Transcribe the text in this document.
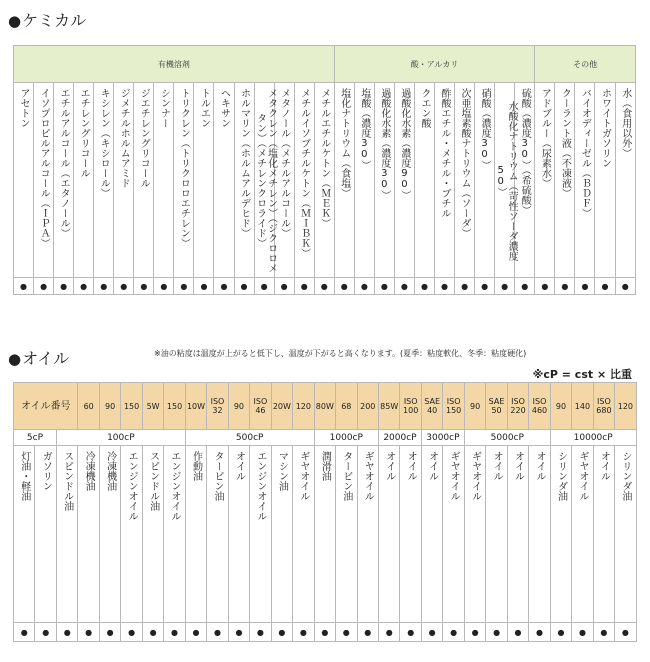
●ケミカル
有機溶剤																酸・アルカリ										その他				
アセトン	イソプロピルアルコール（ＩＰＡ）	エチルアルコール（エタノール）	エチレングリコール	キシレン（キシロール）	ジメチルホルムアミド	ジエチレングリコール	シンナー	トリクレン（トリクロロエチレン）	トルエン	ヘキサン	ホルマリン（ホルムアルデヒド）	メタクレン（塩化メチレン）（ジクロロメタン）（メチレンクロライド）	メタノール（メチルアルコール）	メチルイソブチルケトン（ＭＩＢＫ）	メチルエチルケトン（ＭＥＫ）	塩化ナトリウム（食塩）	塩酸（濃度30）	過酸化水素（濃度30）	過酸化水素（濃度90）	クエン酸	酢酸エチル・メチル・ブチル	次亜塩素酸ナトリウム（ソーダ）	硝酸（濃度30）	水酸化ナトリウム（苛性ソーダ濃度50）	硫酸（濃度30）（希硫酸）	アドブルー（尿素水）	クーラント液（不凍液）	バイオディーゼル（ＢＤＦ）	ホワイトガソリン	水（食用以外）
●	●	●	●	●	●	●	●	●	●	●	●	●	●	●	●	●	●	●	●	●	●	●	●	●	●	●	●	●	●	●
●オイル	※油の粘度は温度が上がると低下し、温度が下がると高くなります。(夏季：粘度軟化、冬季：粘度硬化)
※cP = cst × 比重
オイル番号			60	90	150	5W	150	10W	ISO 32	90	ISO 46	20W	120	80W	68	200	85W	ISO 100	SAE 40	ISO 150	90	SAE 50	ISO 220	ISO 460	90	140	ISO 680	120
5cP		100cP						500cP						1000cP			2000cP		3000cP		5000cP				10000cP			
灯油・軽油	ガソリン	スピンドル油	冷凍機油	冷凍機油	エンジンオイル	スピンドル油	エンジンオイル	作動油	タービン油	オイル	エンジンオイル	マシン油	ギヤオイル	潤滑油	タービン油	ギヤオイル	オイル	オイル	オイル	ギヤオイル	ギヤオイル	オイル	オイル	オイル	シリンダ油	ギヤオイル	オイル	シリンダ油
●	●	●	●	●	●	●	●	●	●	●	●	●	●	●	●	●	●	●	●	●	●	●	●	●	●	●	●	●
